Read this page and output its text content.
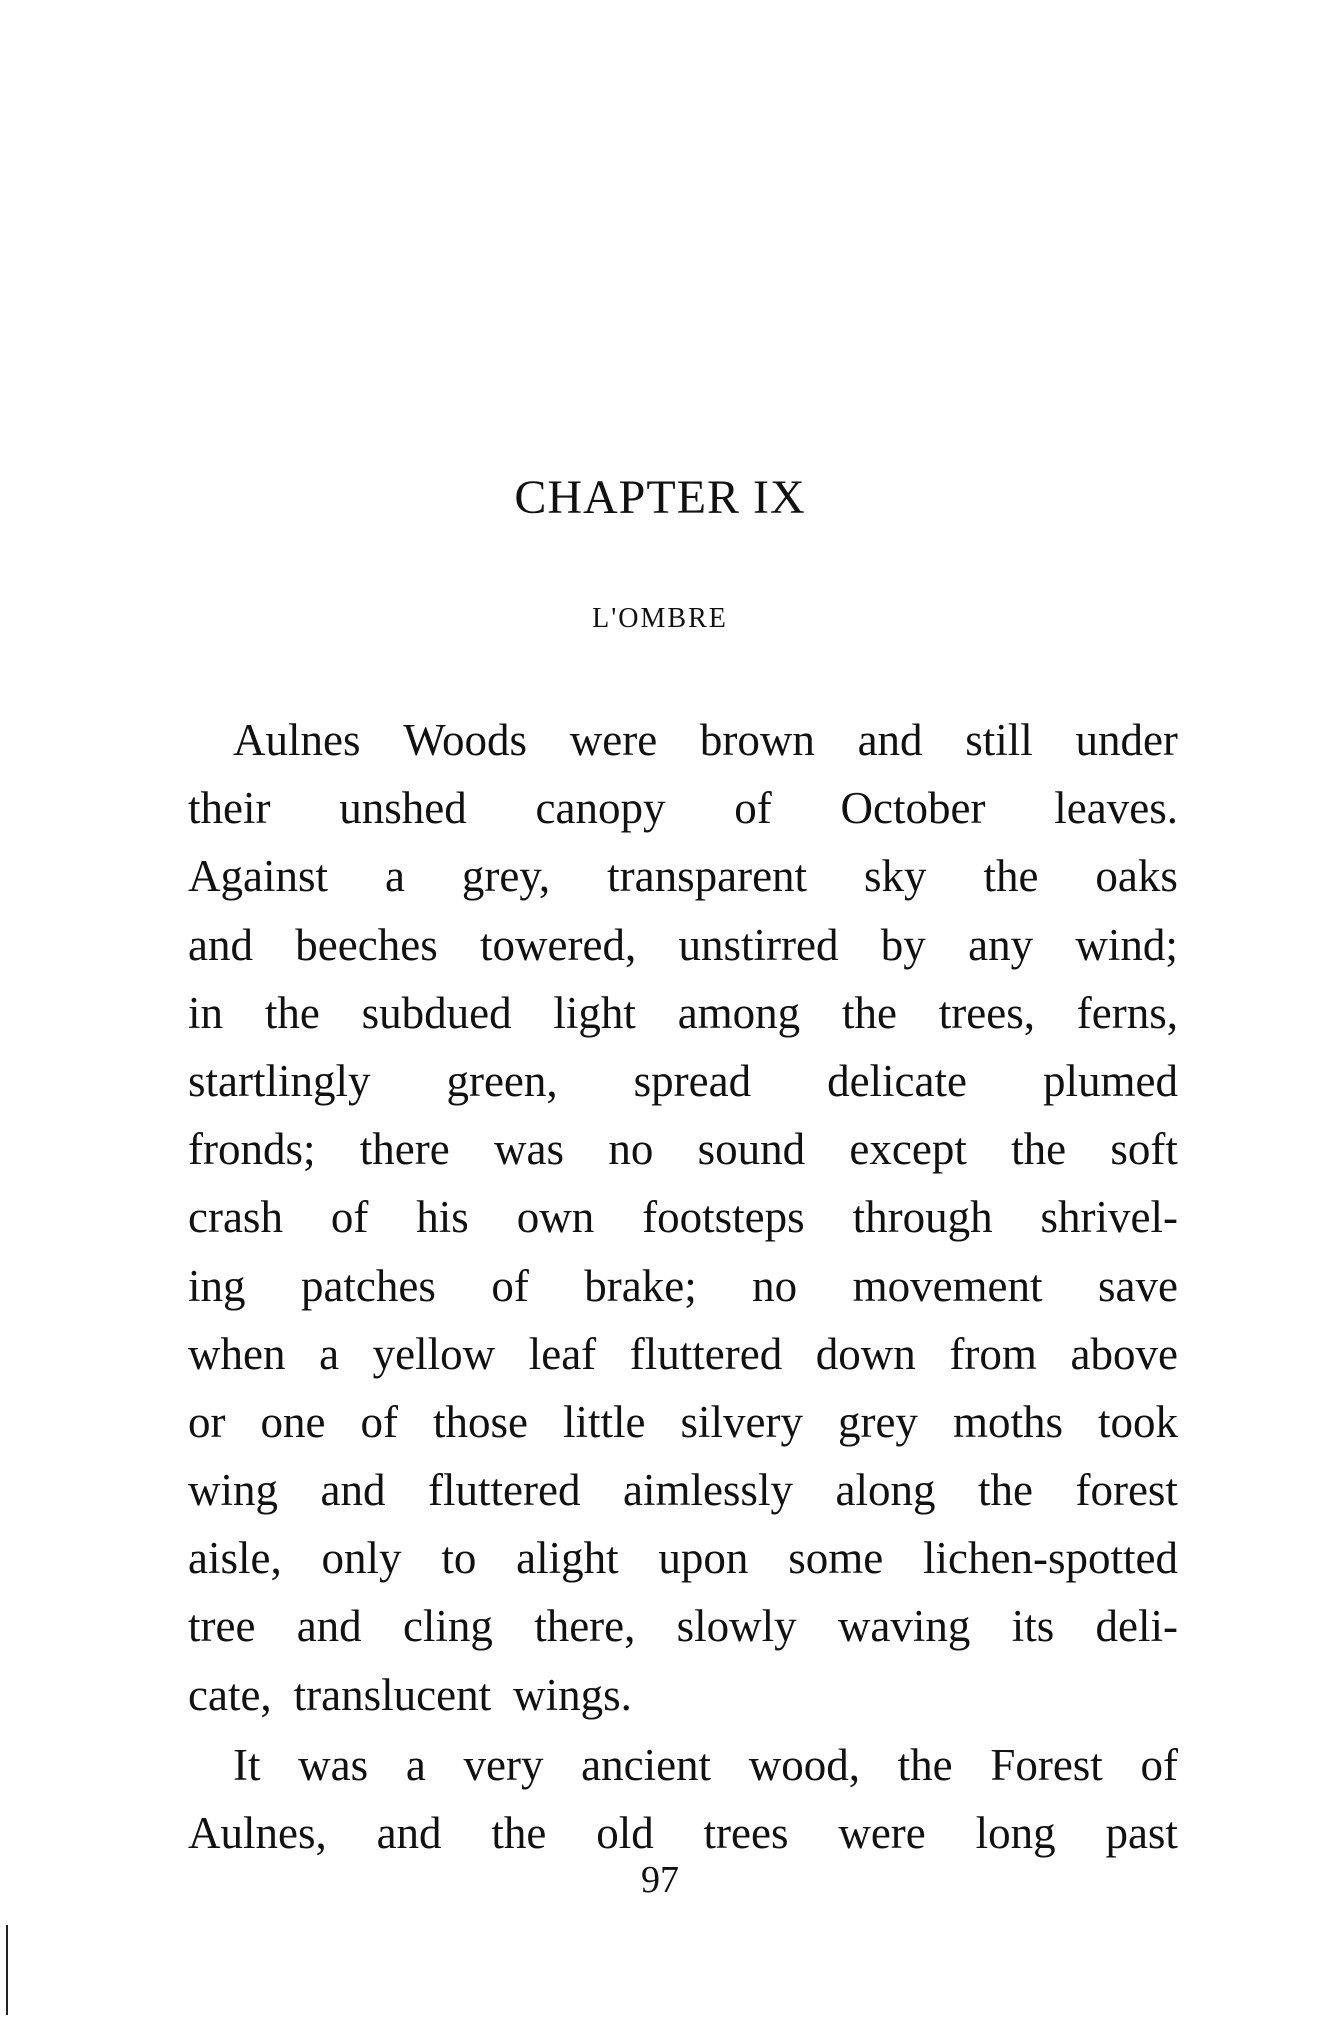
CHAPTER IX
L'OMBRE
Aulnes Woods were brown and still under
their unshed canopy of October leaves.
Against a grey, transparent sky the oaks
and beeches towered, unstirred by any wind;
in the subdued light among the trees, ferns,
startlingly green, spread delicate plumed
fronds; there was no sound except the soft
crash of his own footsteps through shrivel-
ing patches of brake; no movement save
when a yellow leaf fluttered down from above
or one of those little silvery grey moths took
wing and fluttered aimlessly along the forest
aisle, only to alight upon some lichen-spotted
tree and cling there, slowly waving its deli-
cate, translucent wings.
It was a very ancient wood, the Forest of
Aulnes, and the old trees were long past
97
